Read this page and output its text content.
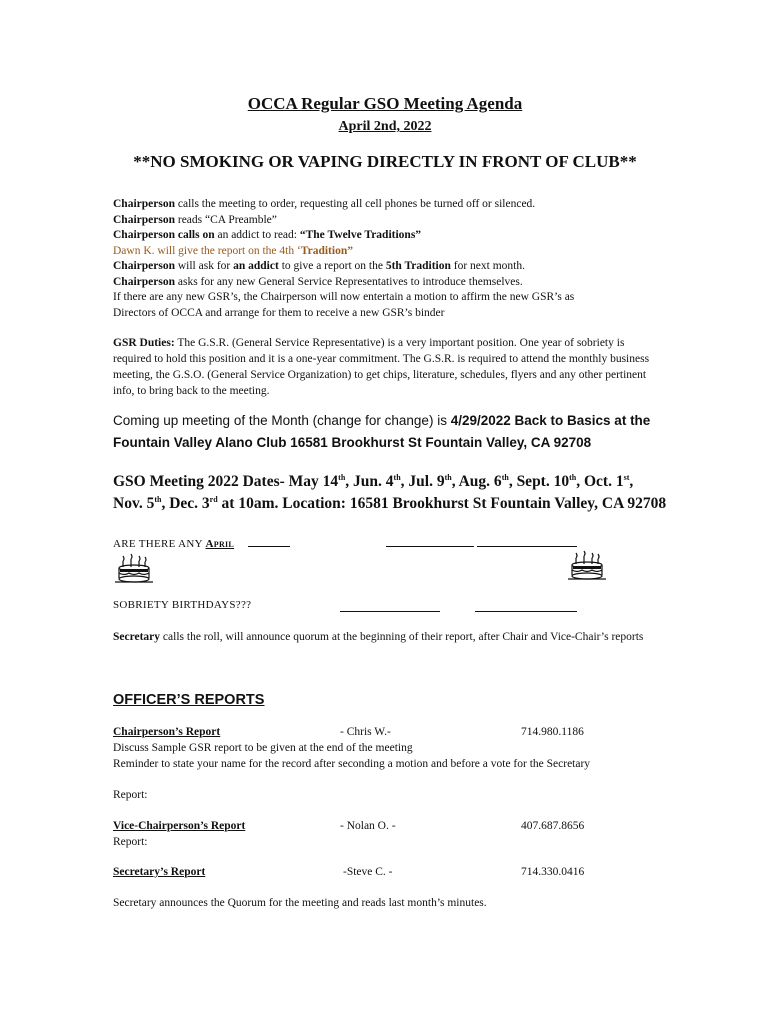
OCCA Regular GSO Meeting Agenda
April 2nd, 2022
**NO SMOKING OR VAPING DIRECTLY IN FRONT OF CLUB**

Chairperson calls the meeting to order, requesting all cell phones be turned off or silenced.

Chairperson reads “CA Preamble”

Chairperson calls on an addict to read: “The Twelve Traditions”

Dawn K. will give the report on the 4th ‘Tradition”

Chairperson will ask for an addict to give a report on the 5th Tradition for next month.

Chairperson asks for any new General Service Representatives to introduce themselves.

If there are any new GSR’s, the Chairperson will now entertain a motion to affirm the new GSR’s as

Directors of OCCA and arrange for them to receive a new GSR’s binder

GSR Duties: The G.S.R. (General Service Representative) is a very important position. One year of sobriety is required to hold this position and it is a one-year commitment. The G.S.R. is required to attend the monthly business meeting, the G.S.O. (General Service Organization) to get chips, literature, schedules, flyers and any other pertinent info, to bring back to the meeting.
Coming up meeting of the Month (change for change) is 4/29/2022 Back to Basics at the Fountain Valley Alano Club 16581 Brookhurst St Fountain Valley, CA 92708
GSO Meeting 2022 Dates- May 14th, Jun. 4th, Jul. 9th, Aug. 6th, Sept. 10th, Oct. 1st,
Nov. 5th, Dec. 3rd at 10am. Location: 16581 Brookhurst St Fountain Valley, CA 92708
ARE THERE ANY April
SOBRIETY BIRTHDAYS???
Secretary calls the roll, will announce quorum at the beginning of their report, after Chair and Vice-Chair’s reports
OFFICER’S REPORTS
Chairperson’s Report	- Chris W.-	714.980.1186
Discuss Sample GSR report to be given at the end of the meeting
Reminder to state your name for the record after seconding a motion and before a vote for the Secretary
Report:
Vice-Chairperson’s Report	- Nolan O. -	407.687.8656
Report:
Secretary’s Report	-Steve C. -	714.330.0416
Secretary announces the Quorum for the meeting and reads last month’s minutes.
